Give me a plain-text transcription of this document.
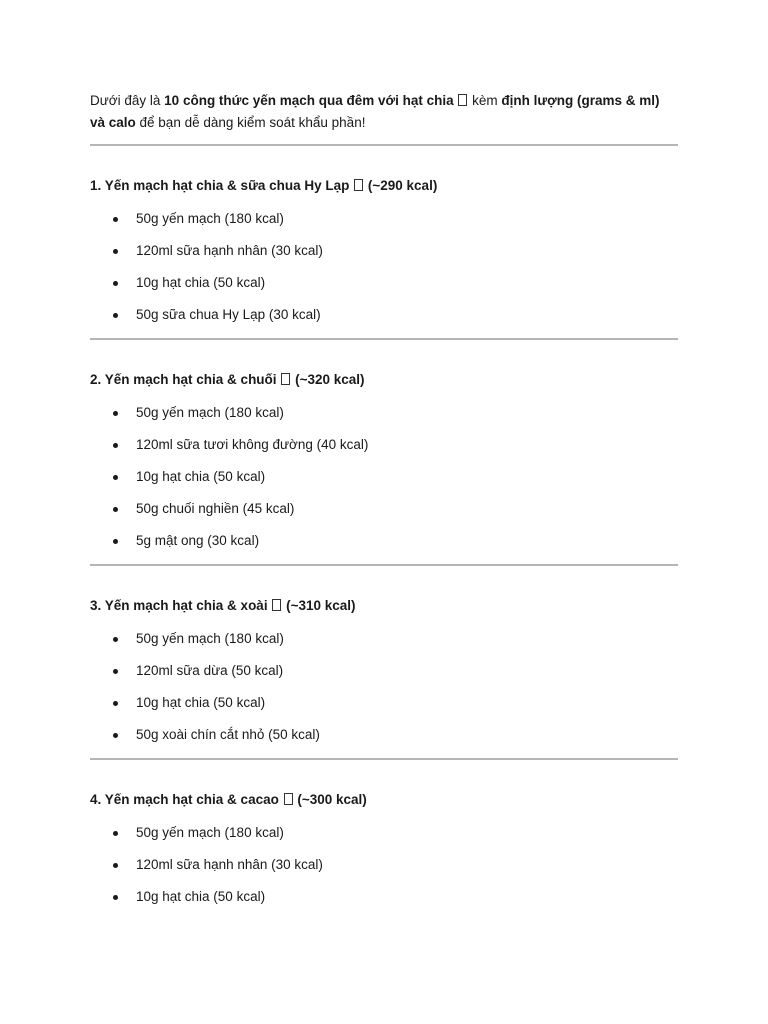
Dưới đây là 10 công thức yến mạch qua đêm với hạt chia  kèm định lượng (grams & ml) và calo để bạn dễ dàng kiểm soát khẩu phần!

1. Yến mạch hạt chia & sữa chua Hy Lạp  (~290 kcal)
50g yến mạch (180 kcal)
120ml sữa hạnh nhân (30 kcal)
10g hạt chia (50 kcal)
50g sữa chua Hy Lạp (30 kcal)
2. Yến mạch hạt chia & chuối  (~320 kcal)
50g yến mạch (180 kcal)
120ml sữa tươi không đường (40 kcal)
10g hạt chia (50 kcal)
50g chuối nghiền (45 kcal)
5g mật ong (30 kcal)
3. Yến mạch hạt chia & xoài  (~310 kcal)
50g yến mạch (180 kcal)
120ml sữa dừa (50 kcal)
10g hạt chia (50 kcal)
50g xoài chín cắt nhỏ (50 kcal)
4. Yến mạch hạt chia & cacao  (~300 kcal)
50g yến mạch (180 kcal)
120ml sữa hạnh nhân (30 kcal)
10g hạt chia (50 kcal)
